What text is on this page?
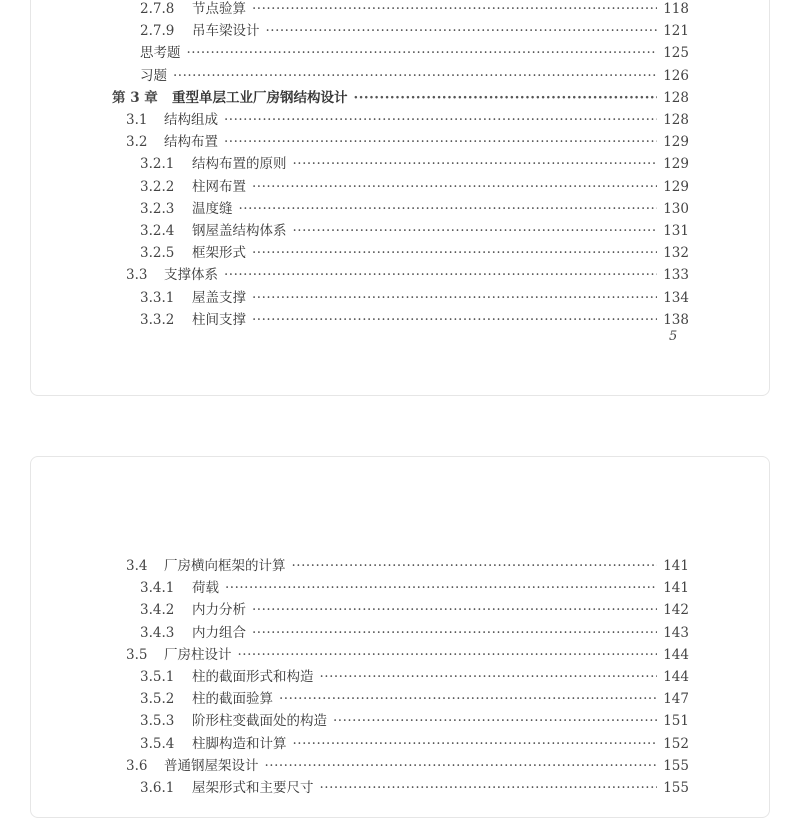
2.7.8	节点验算 ·····	118
2.7.9	吊车梁设计 ·····	121
思考题 ·····	125
习题 ·····	126
第 3 章	重型单层工业厂房钢结构设计 ·····	128
3.1	结构组成 ·····	128
3.2	结构布置 ·····	129
3.2.1	结构布置的原则 ·····	129
3.2.2	柱网布置 ·····	129
3.2.3	温度缝 ·····	130
3.2.4	钢屋盖结构体系 ·····	131
3.2.5	框架形式 ·····	132
3.3	支撑体系 ·····	133
3.3.1	屋盖支撑 ·····	134
3.3.2	柱间支撑 ·····	138
5
3.4	厂房横向框架的计算 ·····	141
3.4.1	荷载 ·····	141
3.4.2	内力分析 ·····	142
3.4.3	内力组合 ·····	143
3.5	厂房柱设计 ·····	144
3.5.1	柱的截面形式和构造 ·····	144
3.5.2	柱的截面验算 ·····	147
3.5.3	阶形柱变截面处的构造 ·····	151
3.5.4	柱脚构造和计算 ·····	152
3.6	普通钢屋架设计 ·····	155
3.6.1	屋架形式和主要尺寸 ·····	155
